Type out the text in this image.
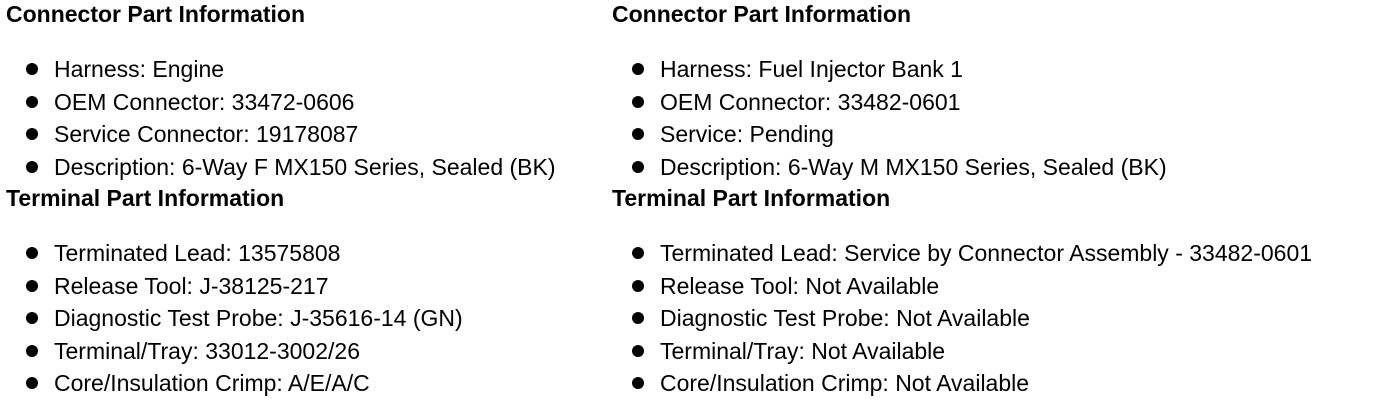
Connector Part Information
Harness: Engine
OEM Connector: 33472-0606
Service Connector: 19178087
Description: 6-Way F MX150 Series, Sealed (BK)
Terminal Part Information
Terminated Lead: 13575808
Release Tool: J-38125-217
Diagnostic Test Probe: J-35616-14 (GN)
Terminal/Tray: 33012-3002/26
Core/Insulation Crimp: A/E/A/C
Connector Part Information
Harness: Fuel Injector Bank 1
OEM Connector: 33482-0601
Service: Pending
Description: 6-Way M MX150 Series, Sealed (BK)
Terminal Part Information
Terminated Lead: Service by Connector Assembly - 33482-0601
Release Tool: Not Available
Diagnostic Test Probe: Not Available
Terminal/Tray: Not Available
Core/Insulation Crimp: Not Available
